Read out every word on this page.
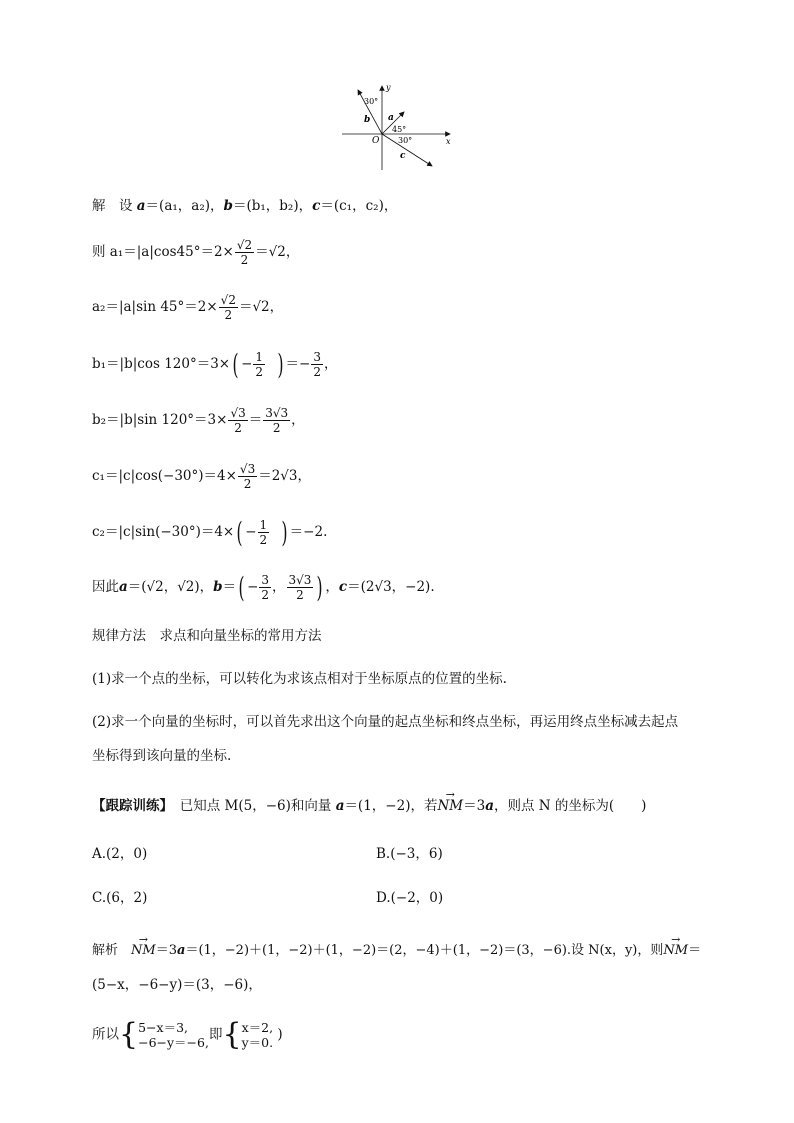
y
x
O
30°
45°
30°
a
b
c
解　 设 a＝(a₁，a₂)，b＝(b₁，b₂)，c＝(c₁，c₂)，
则 $a_1=|a|\cos 45^\circ=2\times \frac{√2}{2} =√2$，
a₂＝|a|sin $45^\circ=2\times \frac{√2}{2} =√2$，
b₁＝|b|cos $120^\circ=3\times( - \frac{1}{2}$ ) ＝− $\frac{3}{2}$ ，
b₂＝|b|sin $120^\circ=3\times \frac{√3}{2} = \frac{3√3}{2}$ ，
$c_1=|c|\cos(-30^\circ)=4\times \frac{√3}{2} =2√3$，
$c_2=|c|\sin(-30^\circ)=4\times( - \frac{1}{2}$ ) ＝−2.
因此a＝(√2，√2)，$b=( - \frac{3}{2}$ ， $\frac{3√3}{2}$ ) ，c＝(2√3，−2).
规律方法　求点和向量坐标的常用方法
(1)求一个点的坐标，可以转化为求该点相对于坐标原点的位置的坐标.
(2)求一个向量的坐标时，可以首先求出这个向量的起点坐标和终点坐标，再运用终点坐标减去起点
坐标得到该向量的坐标.
【跟踪训练】　已知点 M(5，−6)和向量 a＝(1，−2)，若→ NM＝3a，则点 N 的坐标为(　　)
A.(2，0)	B.(−3，6)
C.(6，2)	D.(−2，0)
解析　→ NM＝3a＝(1，−2)＋(1，−2)＋(1，−2)＝(2，−4)＋(1，−2)＝(3，−6).设 N(x，y)，则→ NM＝
(5−x，−6−y)＝(3，−6)，
所以{ 5−x＝3,
−6−y＝−6, 即{ x＝2,
y＝0. )
